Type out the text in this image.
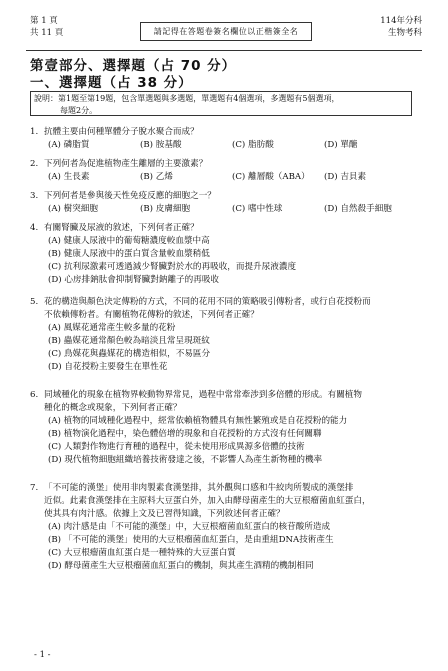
第 1 頁
共 11 頁	請記得在答題卷簽名欄位以正楷簽全名
114年分科
生物考科
第壹部分、選擇題（占 70 分）
一、選擇題（占 38 分）
說明：第1題至第19題，包含單選題與多選題，單選題有4個選項，多選題有5個選項，
每題2分。
1. 抗體主要由何種單體分子脫水聚合而成？
(A) 磷脂質	(B) 胺基酸	(C) 脂肪酸	(D) 單醣
2. 下列何者為促進植物產生離層的主要激素？
(A) 生長素	(B) 乙烯	(C) 離層酸（ABA）	(D) 吉貝素
3. 下列何者是參與後天性免疫反應的細胞之一？
(A) 樹突細胞	(B) 皮膚細胞	(C) 嗜中性球	(D) 自然殺手細胞
4. 有關腎臟及尿液的敘述，下列何者正確？
(A) 健康人尿液中的葡萄糖濃度較血漿中高
(B) 健康人尿液中的蛋白質含量較血漿稍低
(C) 抗利尿激素可透過減少腎臟對於水的再吸收，而提升尿液濃度
(D) 心房排鈉肽會抑制腎臟對鈉離子的再吸收
5. 花的構造與顏色決定傳粉的方式，不同的花用不同的策略吸引傳粉者，或行自花授粉而
不依賴傳粉者。有關植物花傳粉的敘述，下列何者正確？
(A) 風媒花通常產生較多量的花粉
(B) 蟲媒花通常顏色較為暗淡且常呈現斑紋
(C) 鳥媒花與蟲媒花的構造相似，不易區分
(D) 自花授粉主要發生在單性花
6. 同域種化的現象在植物界較動物界常見，過程中常常牽涉到多倍體的形成。有關植物
種化的概念或現象，下列何者正確？
(A) 植物的同域種化過程中，經常依賴植物體具有無性繁殖或是自花授粉的能力
(B) 植物演化過程中，染色體倍增的現象和自花授粉的方式沒有任何關聯
(C) 人類對作物進行育種的過程中，從未使用形成異源多倍體的技術
(D) 現代植物細胞組織培養技術發達之後，不影響人為產生新物種的機率
7. 「不可能的漢堡」使用非肉製素食漢堡排，其外觀與口感和牛絞肉所製成的漢堡排
近似。此素食漢堡排在主原料大豆蛋白外，加入由酵母菌產生的大豆根瘤菌血紅蛋白，
使其具有肉汁感。依據上文及已習得知識，下列敘述何者正確？
(A) 肉汁感是由「不可能的漢堡」中，大豆根瘤菌血紅蛋白的核苷酸所造成
(B) 「不可能的漢堡」使用的大豆根瘤菌血紅蛋白，是由重組DNA技術產生
(C) 大豆根瘤菌血紅蛋白是一種特殊的大豆蛋白質
(D) 酵母菌產生大豆根瘤菌血紅蛋白的機制，與其產生酒精的機制相同
- 1 -
